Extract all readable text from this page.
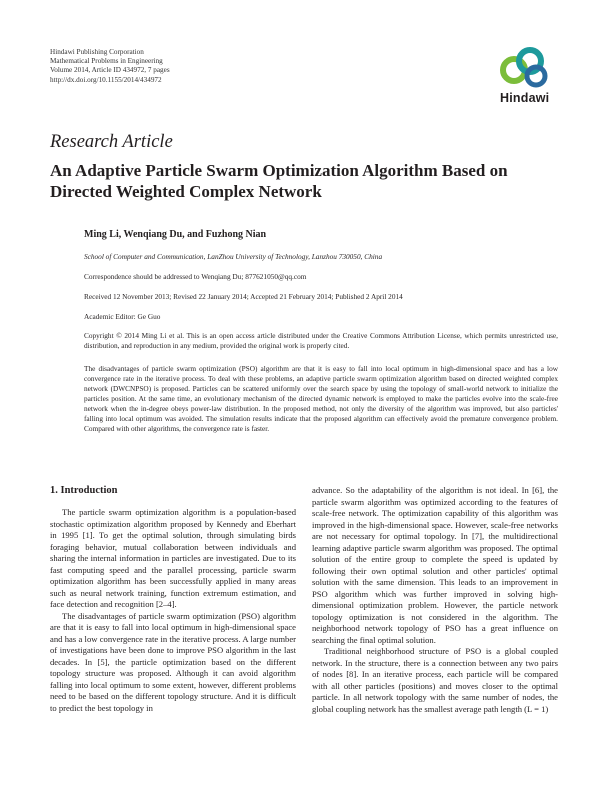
Hindawi Publishing Corporation
Mathematical Problems in Engineering
Volume 2014, Article ID 434972, 7 pages
http://dx.doi.org/10.1155/2014/434972
Hindawi
Research Article
An Adaptive Particle Swarm Optimization Algorithm Based on Directed Weighted Complex Network
Ming Li, Wenqiang Du, and Fuzhong Nian
School of Computer and Communication, LanZhou University of Technology, Lanzhou 730050, China
Correspondence should be addressed to Wenqiang Du; 877621050@qq.com
Received 12 November 2013; Revised 22 January 2014; Accepted 21 February 2014; Published 2 April 2014
Academic Editor: Ge Guo
Copyright © 2014 Ming Li et al. This is an open access article distributed under the Creative Commons Attribution License, which permits unrestricted use, distribution, and reproduction in any medium, provided the original work is properly cited.
The disadvantages of particle swarm optimization (PSO) algorithm are that it is easy to fall into local optimum in high-dimensional space and has a low convergence rate in the iterative process. To deal with these problems, an adaptive particle swarm optimization algorithm based on directed weighted complex network (DWCNPSO) is proposed. Particles can be scattered uniformly over the search space by using the topology of small-world network to initialize the particles position. At the same time, an evolutionary mechanism of the directed dynamic network is employed to make the particles evolve into the scale-free network when the in-degree obeys power-law distribution. In the proposed method, not only the diversity of the algorithm was improved, but also particles' falling into local optimum was avoided. The simulation results indicate that the proposed algorithm can effectively avoid the premature convergence problem. Compared with other algorithms, the convergence rate is faster.
1. Introduction

The particle swarm optimization algorithm is a population-based stochastic optimization algorithm proposed by Kennedy and Eberhart in 1995 [1]. To get the optimal solution, through simulating birds foraging behavior, mutual collaboration between individuals and sharing the internal information in particles are investigated. Due to its fast computing speed and the parallel processing, particle swarm optimization algorithm has been successfully applied in many areas such as neural network training, function extremum estimation, and face detection and recognition [2–4].

The disadvantages of particle swarm optimization (PSO) algorithm are that it is easy to fall into local optimum in high-dimensional space and has a low convergence rate in the iterative process. A large number of investigations have been done to improve PSO algorithm in the last decades. In [5], the particle optimization based on the different topology structure was proposed. Although it can avoid algorithm falling into local optimum to some extent, however, different problems need to be based on the different topology structure. And it is difficult to predict the best topology in

advance. So the adaptability of the algorithm is not ideal. In [6], the particle swarm algorithm was optimized according to the features of scale-free network. The optimization capability of this algorithm was improved in the high-dimensional space. However, scale-free networks are not necessary for optimal topology. In [7], the multidirectional learning adaptive particle swarm algorithm was proposed. The optimal solution of the entire group to complete the speed is updated by following their own optimal solution and other particles' optimal solution with the same dimension. This leads to an improvement in PSO algorithm which was further improved in solving high-dimensional optimization problem. However, the particle network topology optimization is not considered in the algorithm. The neighborhood network topology of PSO has a great influence on searching the final optimal solution.

Traditional neighborhood structure of PSO is a global coupled network. In the structure, there is a connection between any two pairs of nodes [8]. In an iterative process, each particle will be compared with all other particles (positions) and moves closer to the optimal particle. In all network topology with the same number of nodes, the global coupling network has the smallest average path length (L = 1)
